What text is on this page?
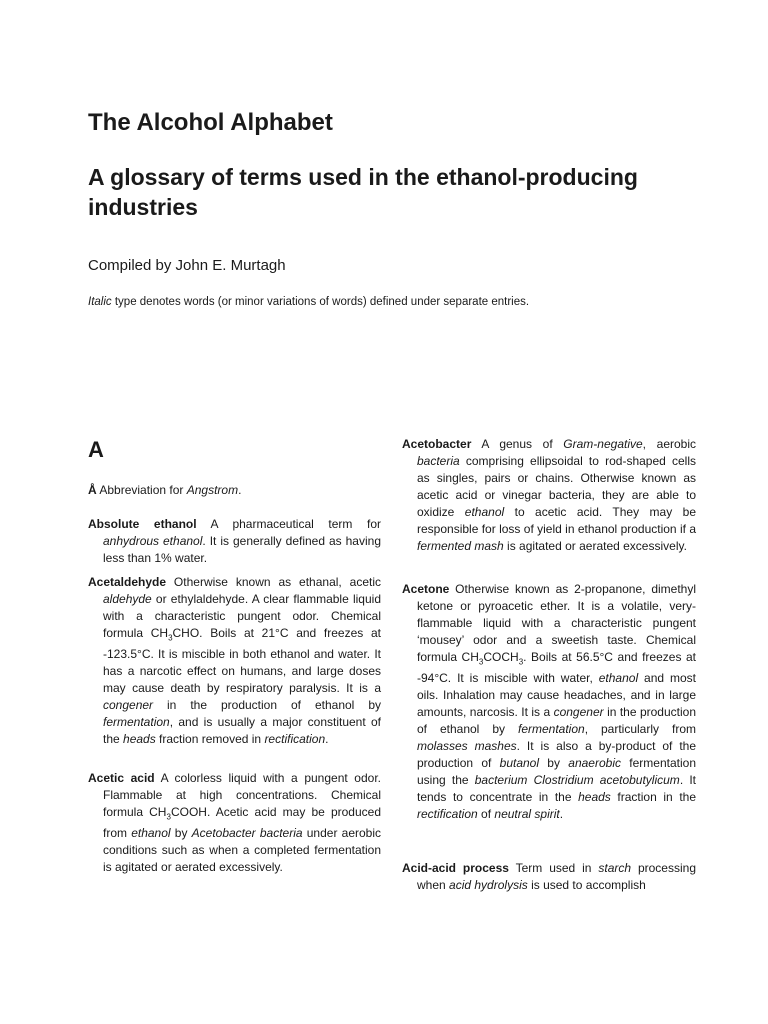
The Alcohol Alphabet
A glossary of terms used in the ethanol-producing industries
Compiled by John E. Murtagh
Italic type denotes words (or minor variations of words) defined under separate entries.
A
Å Abbreviation for Angstrom.
Absolute ethanol A pharmaceutical term for anhydrous ethanol. It is generally defined as having less than 1% water.
Acetaldehyde Otherwise known as ethanal, acetic aldehyde or ethylaldehyde. A clear flammable liquid with a characteristic pungent odor. Chemical formula $CH_3CHO$. Boils at 21°C and freezes at -123.5°C. It is miscible in both ethanol and water. It has a narcotic effect on humans, and large doses may cause death by respiratory paralysis. It is a congener in the production of ethanol by fermentation, and is usually a major constituent of the heads fraction removed in rectification.
Acetic acid A colorless liquid with a pungent odor. Flammable at high concentrations. Chemical formula $CH_3COOH$. Acetic acid may be produced from ethanol by Acetobacter bacteria under aerobic conditions such as when a completed fermentation is agitated or aerated excessively.
Acetobacter A genus of Gram-negative, aerobic bacteria comprising ellipsoidal to rod-shaped cells as singles, pairs or chains. Otherwise known as acetic acid or vinegar bacteria, they are able to oxidize ethanol to acetic acid. They may be responsible for loss of yield in ethanol production if a fermented mash is agitated or aerated excessively.
Acetone Otherwise known as 2-propanone, dimethyl ketone or pyroacetic ether. It is a volatile, very-flammable liquid with a characteristic pungent ‘mousey’ odor and a sweetish taste. Chemical formula $CH_3COCH_3$. Boils at 56.5°C and freezes at -94°C. It is miscible with water, ethanol and most oils. Inhalation may cause headaches, and in large amounts, narcosis. It is a congener in the production of ethanol by fermentation, particularly from molasses mashes. It is also a by-product of the production of butanol by anaerobic fermentation using the bacterium Clostridium acetobutylicum. It tends to concentrate in the heads fraction in the rectification of neutral spirit.
Acid-acid process Term used in starch processing when acid hydrolysis is used to accomplish
